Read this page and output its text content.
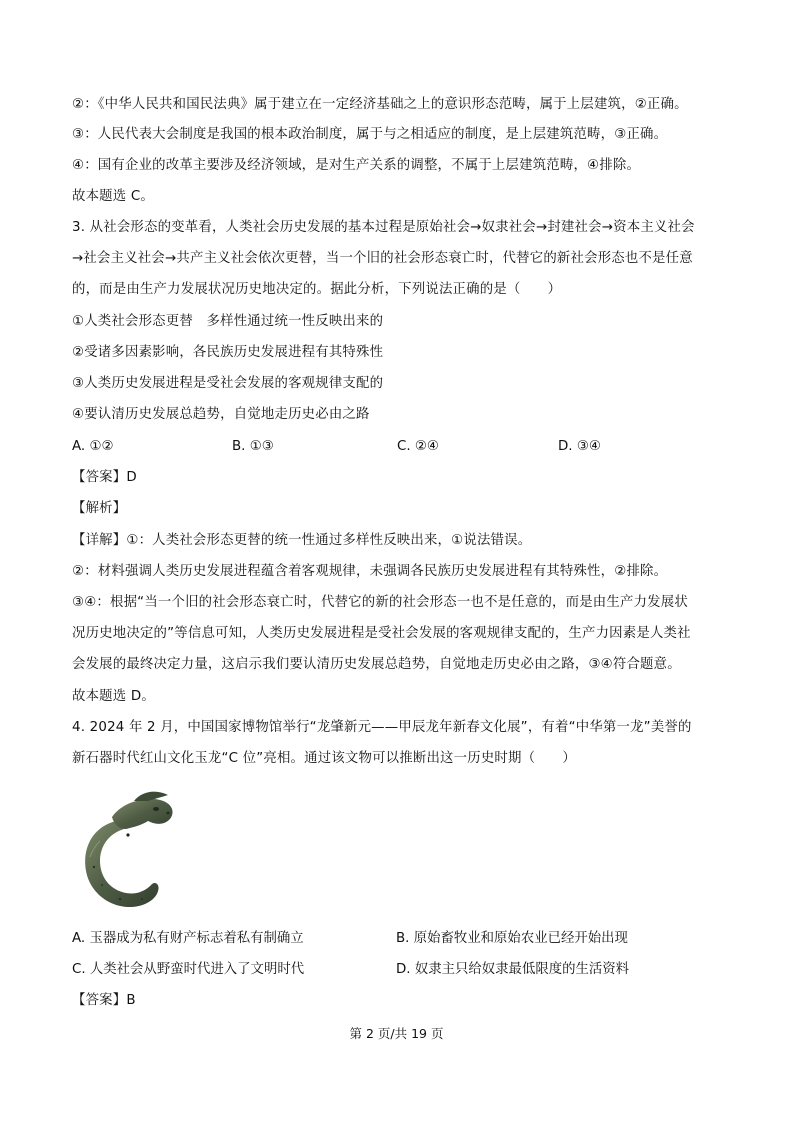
②：《中华人民共和国民法典》属于建立在一定经济基础之上的意识形态范畴，属于上层建筑，②正确。
③：人民代表大会制度是我国的根本政治制度，属于与之相适应的制度，是上层建筑范畴，③正确。
④：国有企业的改革主要涉及经济领域，是对生产关系的调整，不属于上层建筑范畴，④排除。
故本题选 C。
3. 从社会形态的变革看，人类社会历史发展的基本过程是原始社会→奴隶社会→封建社会→资本主义社会
→社会主义社会→共产主义社会依次更替，当一个旧的社会形态衰亡时，代替它的新社会形态也不是任意
的，而是由生产力发展状况历史地决定的。据此分析，下列说法正确的是（　　）
①人类社会形态更替　多样性通过统一性反映出来的
②受诸多因素影响，各民族历史发展进程有其特殊性
③人类历史发展进程是受社会发展的客观规律支配的
④要认清历史发展总趋势，自觉地走历史必由之路
A. ①②	B. ①③	C. ②④	D. ③④
【答案】D
【解析】
【详解】①：人类社会形态更替的统一性通过多样性反映出来，①说法错误。
②：材料强调人类历史发展进程蕴含着客观规律，未强调各民族历史发展进程有其特殊性，②排除。
③④：根据“当一个旧的社会形态衰亡时，代替它的新的社会形态一也不是任意的，而是由生产力发展状
况历史地决定的”等信息可知，人类历史发展进程是受社会发展的客观规律支配的，生产力因素是人类社
会发展的最终决定力量，这启示我们要认清历史发展总趋势，自觉地走历史必由之路，③④符合题意。
故本题选 D。
4. 2024 年 2 月，中国国家博物馆举行“龙肇新元——甲辰龙年新春文化展”，有着“中华第一龙”美誉的
新石器时代红山文化玉龙“C 位”亮相。通过该文物可以推断出这一历史时期（　　）
A. 玉器成为私有财产标志着私有制确立	B. 原始畜牧业和原始农业已经开始出现
C. 人类社会从野蛮时代进入了文明时代	D. 奴隶主只给奴隶最低限度的生活资料
【答案】B
第 2 页/共 19 页
